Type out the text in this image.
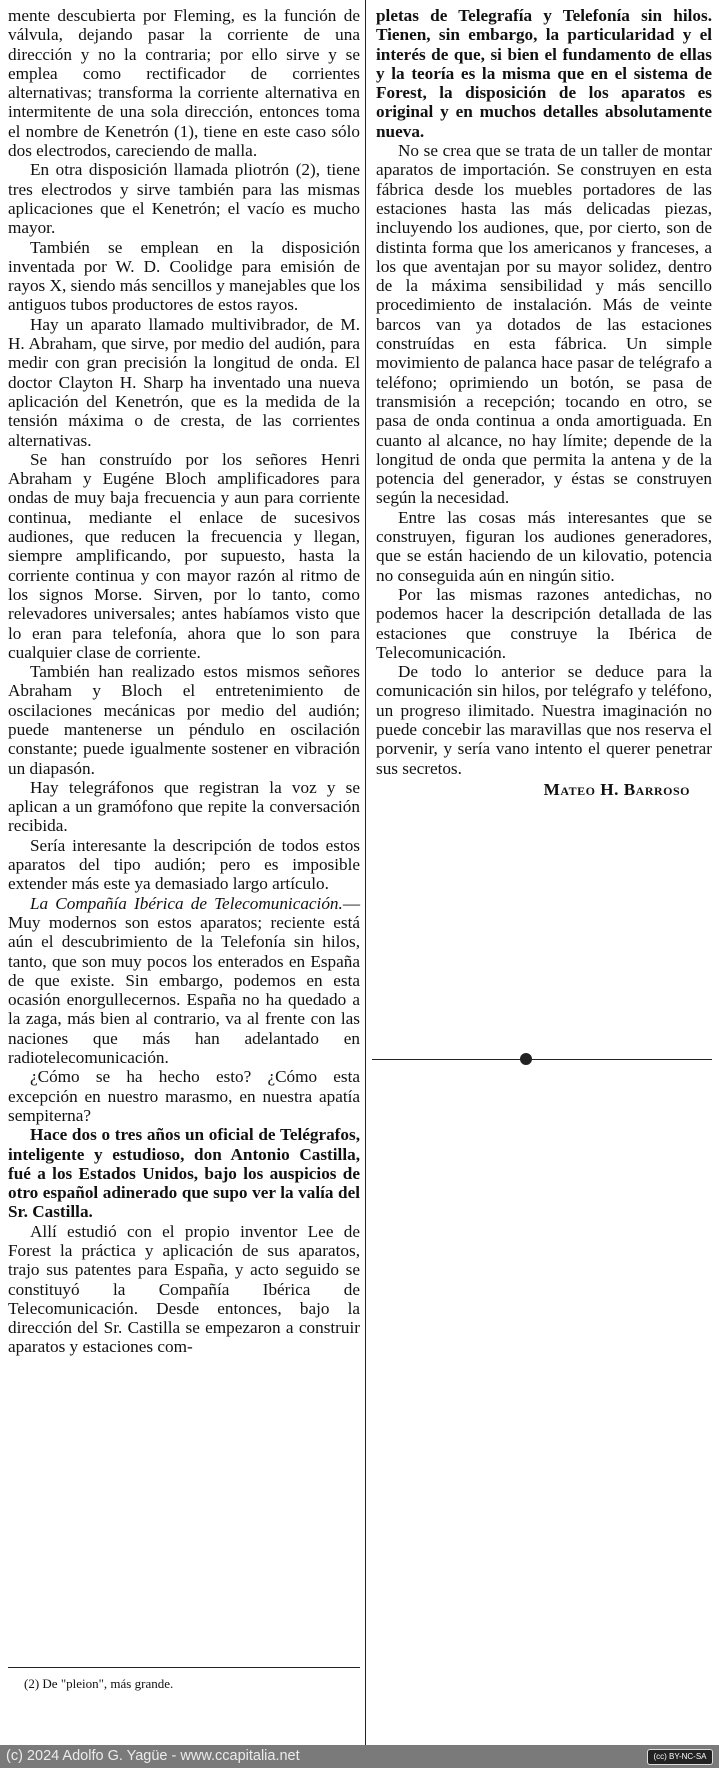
mente descubierta por Fleming, es la función de válvula, dejando pasar la corriente de una dirección y no la contraria; por ello sirve y se emplea como rectificador de corrientes alternativas; transforma la corriente alternativa en intermitente de una sola dirección, entonces toma el nombre de Kenetrón (1), tiene en este caso sólo dos electrodos, careciendo de malla.

En otra disposición llamada pliotrón (2), tiene tres electrodos y sirve también para las mismas aplicaciones que el Kenetrón; el vacío es mucho mayor.

También se emplean en la disposición inventada por W. D. Coolidge para emisión de rayos X, siendo más sencillos y manejables que los antiguos tubos productores de estos rayos.

Hay un aparato llamado multivibrador, de M. H. Abraham, que sirve, por medio del audión, para medir con gran precisión la longitud de onda. El doctor Clayton H. Sharp ha inventado una nueva aplicación del Kenetrón, que es la medida de la tensión máxima o de cresta, de las corrientes alternativas.

Se han construído por los señores Henri Abraham y Eugéne Bloch amplificadores para ondas de muy baja frecuencia y aun para corriente continua, mediante el enlace de sucesivos audiones, que reducen la frecuencia y llegan, siempre amplificando, por supuesto, hasta la corriente continua y con mayor razón al ritmo de los signos Morse. Sirven, por lo tanto, como relevadores universales; antes habíamos visto que lo eran para telefonía, ahora que lo son para cualquier clase de corriente.

También han realizado estos mismos señores Abraham y Bloch el entretenimiento de oscilaciones mecánicas por medio del audión; puede mantenerse un péndulo en oscilación constante; puede igualmente sostener en vibración un diapasón.

Hay telegráfonos que registran la voz y se aplican a un gramófono que repite la conversación recibida.

Sería interesante la descripción de todos estos aparatos del tipo audión; pero es imposible extender más este ya demasiado largo artículo.

La Compañía Ibérica de Telecomunicación.—Muy modernos son estos aparatos; reciente está aún el descubrimiento de la Telefonía sin hilos, tanto, que son muy pocos los enterados en España de que existe. Sin embargo, podemos en esta ocasión enorgullecernos. España no ha quedado a la zaga, más bien al contrario, va al frente con las naciones que más han adelantado en radiotelecomunicación.

¿Cómo se ha hecho esto? ¿Cómo esta excepción en nuestro marasmo, en nuestra apatía sempiterna?

Hace dos o tres años un oficial de Telégrafos, inteligente y estudioso, don Antonio Castilla, fué a los Estados Unidos, bajo los auspicios de otro español adinerado que supo ver la valía del Sr. Castilla.

Allí estudió con el propio inventor Lee de Forest la práctica y aplicación de sus aparatos, trajo sus patentes para España, y acto seguido se constituyó la Compañía Ibérica de Telecomunicación. Desde entonces, bajo la dirección del Sr. Castilla se empezaron a construir aparatos y estaciones com-

pletas de Telegrafía y Telefonía sin hilos. Tienen, sin embargo, la particularidad y el interés de que, si bien el fundamento de ellas y la teoría es la misma que en el sistema de Forest, la disposición de los aparatos es original y en muchos detalles absolutamente nueva.

No se crea que se trata de un taller de montar aparatos de importación. Se construyen en esta fábrica desde los muebles portadores de las estaciones hasta las más delicadas piezas, incluyendo los audiones, que, por cierto, son de distinta forma que los americanos y franceses, a los que aventajan por su mayor solidez, dentro de la máxima sensibilidad y más sencillo procedimiento de instalación. Más de veinte barcos van ya dotados de las estaciones construídas en esta fábrica. Un simple movimiento de palanca hace pasar de telégrafo a teléfono; oprimiendo un botón, se pasa de transmisión a recepción; tocando en otro, se pasa de onda continua a onda amortiguada. En cuanto al alcance, no hay límite; depende de la longitud de onda que permita la antena y de la potencia del generador, y éstas se construyen según la necesidad.

Entre las cosas más interesantes que se construyen, figuran los audiones generadores, que se están haciendo de un kilovatio, potencia no conseguida aún en ningún sitio.

Por las mismas razones antedichas, no podemos hacer la descripción detallada de las estaciones que construye la Ibérica de Telecomunicación.

De todo lo anterior se deduce para la comunicación sin hilos, por telégrafo y teléfono, un progreso ilimitado. Nuestra imaginación no puede concebir las maravillas que nos reserva el porvenir, y sería vano intento el querer penetrar sus secretos.

Mateo H. Barroso

(2) De "pleion", más grande.
(c) 2024 Adolfo G. Yagüe - www.ccapitalia.net	(cc) BY-NC-SA
